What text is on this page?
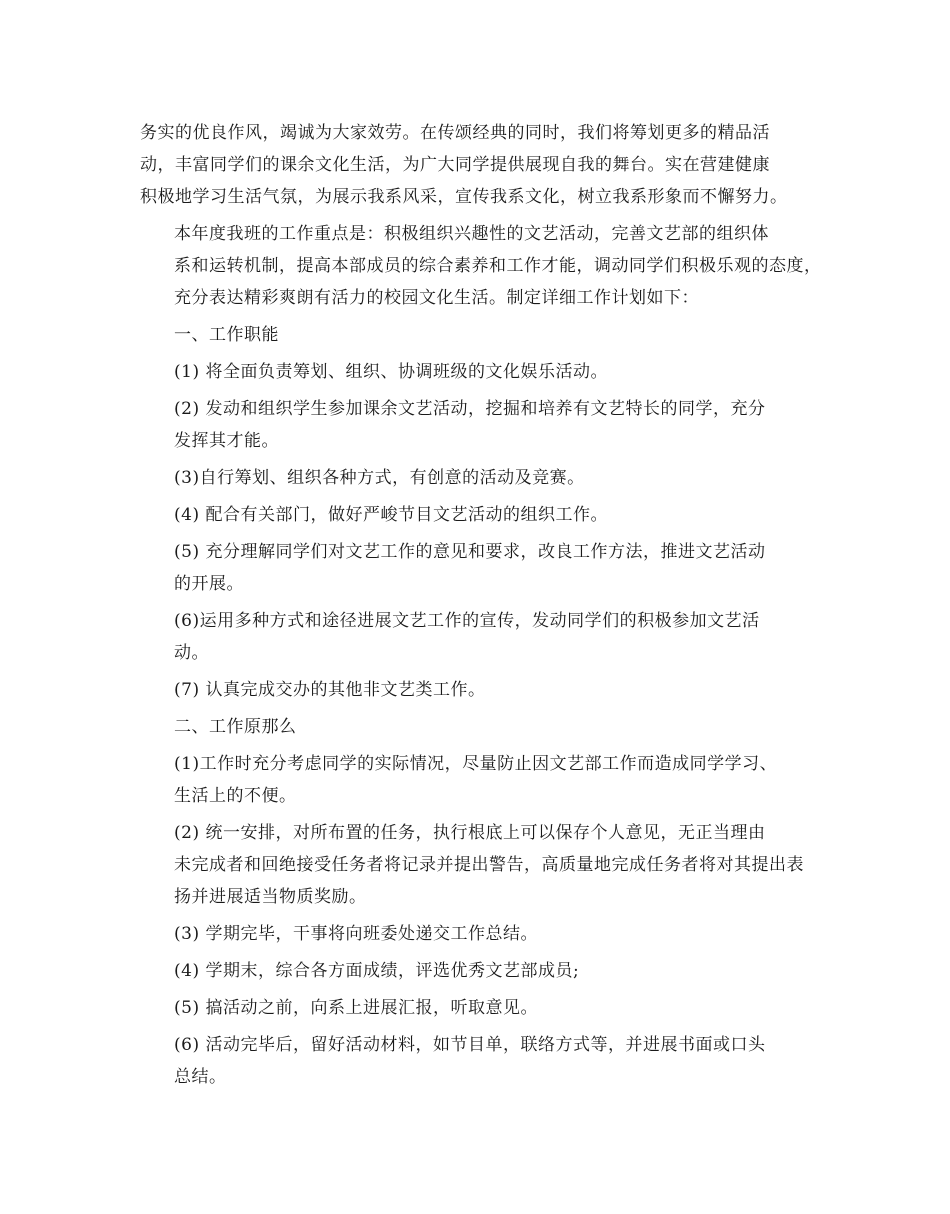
务实的优良作风，竭诚为大家效劳。在传颂经典的同时，我们将筹划更多的精品活
动，丰富同学们的课余文化生活，为广大同学提供展现自我的舞台。实在营建健康
积极地学习生活气氛，为展示我系风采，宣传我系文化，树立我系形象而不懈努力。

本年度我班的工作重点是：积极组织兴趣性的文艺活动，完善文艺部的组织体
系和运转机制，提高本部成员的综合素养和工作才能，调动同学们积极乐观的态度，
充分表达精彩爽朗有活力的校园文化生活。制定详细工作计划如下：

一、工作职能

(1) 将全面负责筹划、组织、协调班级的文化娱乐活动。

(2) 发动和组织学生参加课余文艺活动，挖掘和培养有文艺特长的同学，充分
发挥其才能。

(3)自行筹划、组织各种方式，有创意的活动及竞赛。

(4) 配合有关部门，做好严峻节目文艺活动的组织工作。

(5) 充分理解同学们对文艺工作的意见和要求，改良工作方法，推进文艺活动
的开展。

(6)运用多种方式和途径进展文艺工作的宣传，发动同学们的积极参加文艺活
动。

(7) 认真完成交办的其他非文艺类工作。

二、工作原那么

(1)工作时充分考虑同学的实际情况，尽量防止因文艺部工作而造成同学学习、
生活上的不便。

(2) 统一安排，对所布置的任务，执行根底上可以保存个人意见，无正当理由
未完成者和回绝接受任务者将记录并提出警告，高质量地完成任务者将对其提出表
扬并进展适当物质奖励。

(3) 学期完毕，干事将向班委处递交工作总结。

(4) 学期末，综合各方面成绩，评选优秀文艺部成员;

(5) 搞活动之前，向系上进展汇报，听取意见。

(6) 活动完毕后，留好活动材料，如节目单，联络方式等，并进展书面或口头
总结。
